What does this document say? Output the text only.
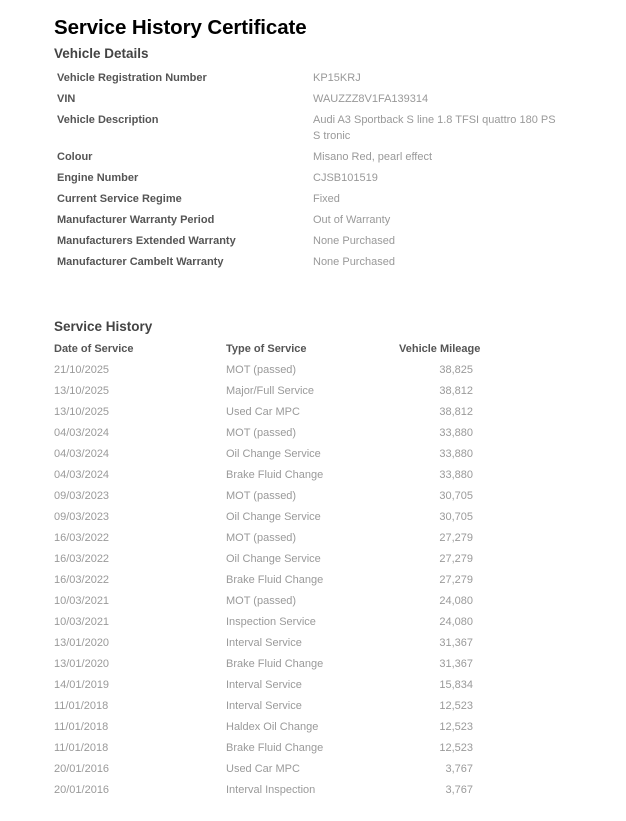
Service History Certificate
Vehicle Details
Vehicle Registration Number	KP15KRJ
VIN	WAUZZZ8V1FA139314
Vehicle Description	Audi A3 Sportback S line 1.8 TFSI quattro 180 PS S tronic
Colour	Misano Red, pearl effect
Engine Number	CJSB101519
Current Service Regime	Fixed
Manufacturer Warranty Period	Out of Warranty
Manufacturers Extended Warranty	None Purchased
Manufacturer Cambelt Warranty	None Purchased
Service History
Date of Service	Type of Service	Vehicle Mileage
21/10/2025	MOT (passed)	38,825
13/10/2025	Major/Full Service	38,812
13/10/2025	Used Car MPC	38,812
04/03/2024	MOT (passed)	33,880
04/03/2024	Oil Change Service	33,880
04/03/2024	Brake Fluid Change	33,880
09/03/2023	MOT (passed)	30,705
09/03/2023	Oil Change Service	30,705
16/03/2022	MOT (passed)	27,279
16/03/2022	Oil Change Service	27,279
16/03/2022	Brake Fluid Change	27,279
10/03/2021	MOT (passed)	24,080
10/03/2021	Inspection Service	24,080
13/01/2020	Interval Service	31,367
13/01/2020	Brake Fluid Change	31,367
14/01/2019	Interval Service	15,834
11/01/2018	Interval Service	12,523
11/01/2018	Haldex Oil Change	12,523
11/01/2018	Brake Fluid Change	12,523
20/01/2016	Used Car MPC	3,767
20/01/2016	Interval Inspection	3,767
